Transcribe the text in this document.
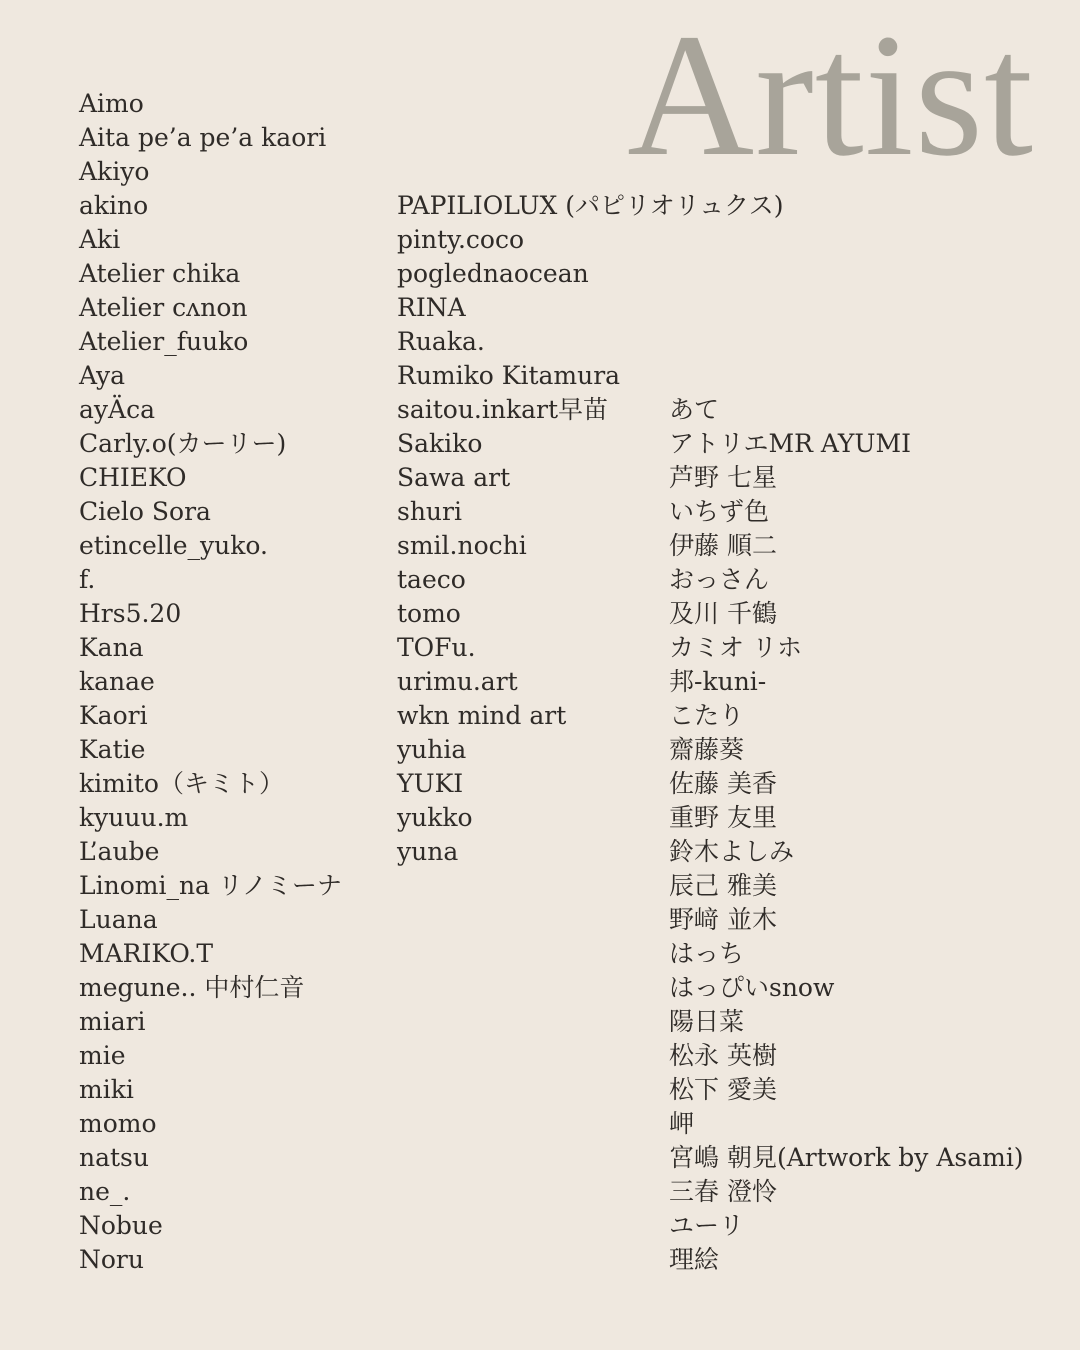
Artist
Aimo
Aita pe’a pe’a kaori
Akiyo
akino
Aki
Atelier chika
Atelier cʌnon
Atelier_fuuko
Aya
ayÄca
Carly.o(カーリー)
CHIEKO
Cielo Sora
etincelle_yuko.
f.
Hrs5.20
Kana
kanae
Kaori
Katie
kimito（キミト）
kyuuu.m
L’aube
Linomi_na リノミーナ
Luana
MARIKO.T
megune.. 中村仁音
miari
mie
miki
momo
natsu
ne_.
Nobue
Noru
PAPILIOLUX (パピリオリュクス)
pinty.coco
poglednaocean
RINA
Ruaka.
Rumiko Kitamura
saitou.inkart早苗
Sakiko
Sawa art
shuri
smil.nochi
taeco
tomo
TOFu.
urimu.art
wkn mind art
yuhia
YUKI
yukko
yuna
あて
アトリエMR AYUMI
芦野 七星
いちず色
伊藤 順二
おっさん
及川 千鶴
カミオ リホ
邦-kuni-
こたり
齋藤葵
佐藤 美香
重野 友里
鈴木よしみ
辰己 雅美
野﨑 並木
はっち
はっぴいsnow
陽日菜
松永 英樹
松下 愛美
岬
宮嶋 朝見(Artwork by Asami)
三春 澄怜
ユーリ
理絵
